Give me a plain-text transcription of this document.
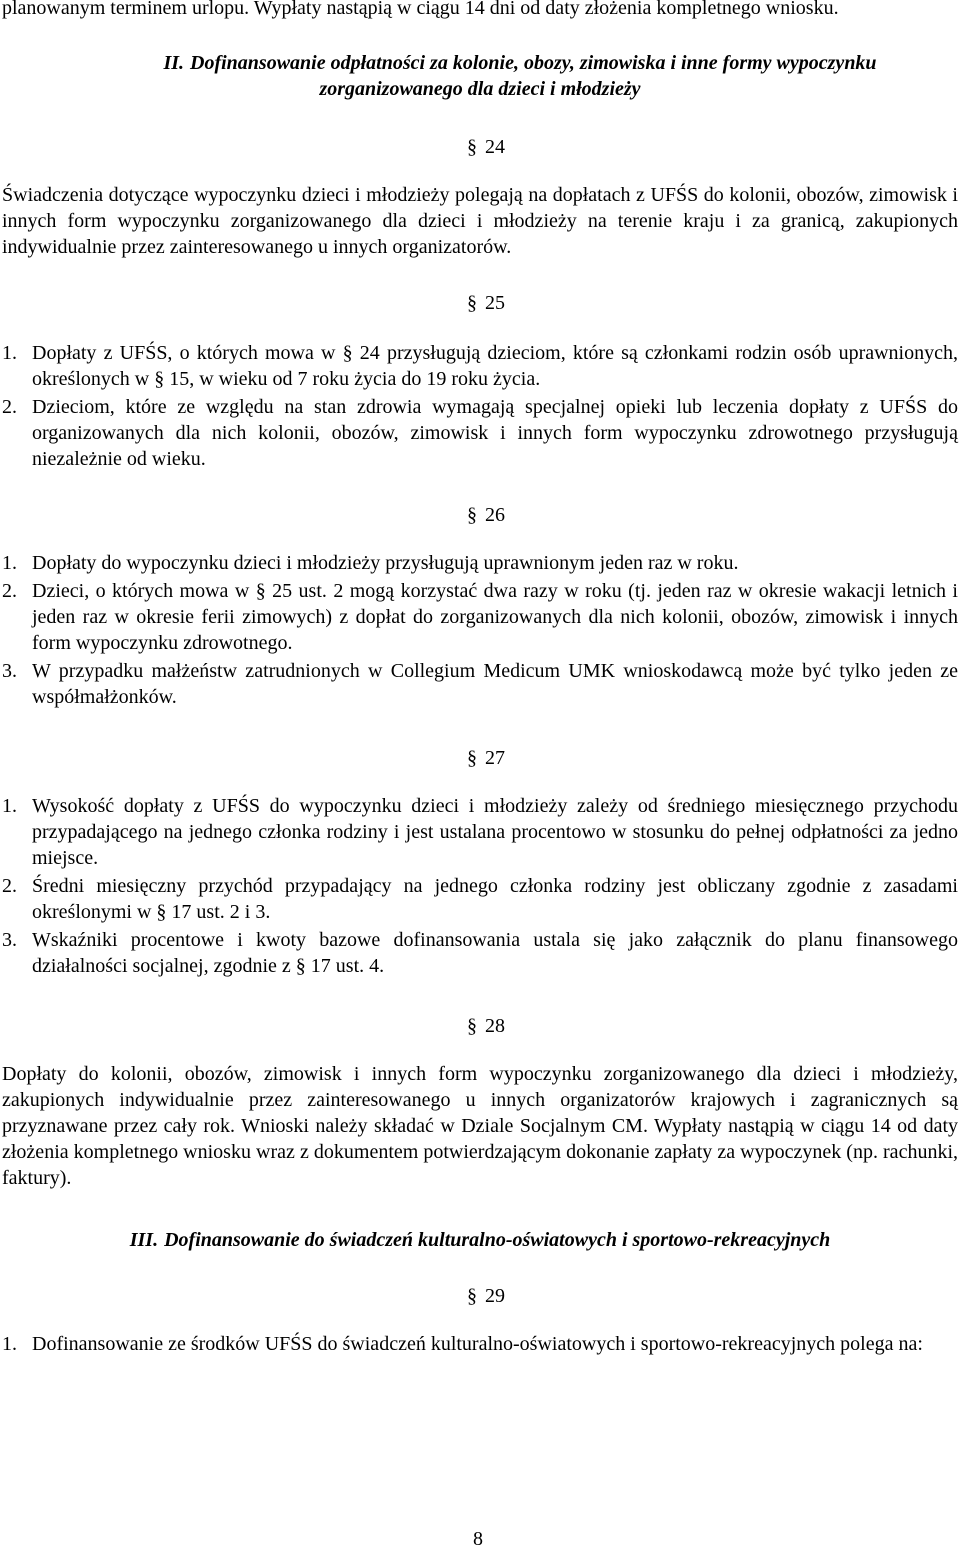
planowanym terminem urlopu. Wypłaty nastąpią w ciągu 14 dni od daty złożenia kompletnego wniosku.

II. Dofinansowanie odpłatności za kolonie, obozy, zimowiska i inne formy wypoczynku
zorganizowanego dla dzieci i młodzieży
§ 24

Świadczenia dotyczące wypoczynku dzieci i młodzieży polegają na dopłatach z UFŚS do kolonii, obozów, zimowisk i innych form wypoczynku zorganizowanego dla dzieci i młodzieży na terenie kraju i za granicą, zakupionych indywidualnie przez zainteresowanego u innych organizatorów.

§ 25
1. Dopłaty z UFŚS, o których mowa w § 24 przysługują dzieciom, które są członkami rodzin osób uprawnionych, określonych w § 15, w wieku od 7 roku życia do 19 roku życia.
2. Dzieciom, które ze względu na stan zdrowia wymagają specjalnej opieki lub leczenia dopłaty z UFŚS do organizowanych dla nich kolonii, obozów, zimowisk i innych form wypoczynku zdrowotnego przysługują niezależnie od wieku.
§ 26
1. Dopłaty do wypoczynku dzieci i młodzieży przysługują uprawnionym jeden raz w roku.
2. Dzieci, o których mowa w § 25 ust. 2 mogą korzystać dwa razy w roku (tj. jeden raz w okresie wakacji letnich i jeden raz w okresie ferii zimowych) z dopłat do zorganizowanych dla nich kolonii, obozów, zimowisk i innych form wypoczynku zdrowotnego.
3. W przypadku małżeństw zatrudnionych w Collegium Medicum UMK wnioskodawcą może być tylko jeden ze współmałżonków.
§ 27
1. Wysokość dopłaty z UFŚS do wypoczynku dzieci i młodzieży zależy od średniego miesięcznego przychodu przypadającego na jednego członka rodziny i jest ustalana procentowo w stosunku do pełnej odpłatności za jedno miejsce.
2. Średni miesięczny przychód przypadający na jednego członka rodziny jest obliczany zgodnie z zasadami określonymi w § 17 ust. 2 i 3.
3. Wskaźniki procentowe i kwoty bazowe dofinansowania ustala się jako załącznik do planu finansowego działalności socjalnej, zgodnie z § 17 ust. 4.
§ 28

Dopłaty do kolonii, obozów, zimowisk i innych form wypoczynku zorganizowanego dla dzieci i młodzieży, zakupionych indywidualnie przez zainteresowanego u innych organizatorów krajowych i zagranicznych są przyznawane przez cały rok. Wnioski należy składać w Dziale Socjalnym CM. Wypłaty nastąpią w ciągu 14 od daty złożenia kompletnego wniosku wraz z dokumentem potwierdzającym dokonanie zapłaty za wypoczynek (np. rachunki, faktury).

III. Dofinansowanie do świadczeń kulturalno-oświatowych i sportowo-rekreacyjnych
§ 29
1. Dofinansowanie ze środków UFŚS do świadczeń kulturalno-oświatowych i sportowo-rekreacyjnych polega na:
8
